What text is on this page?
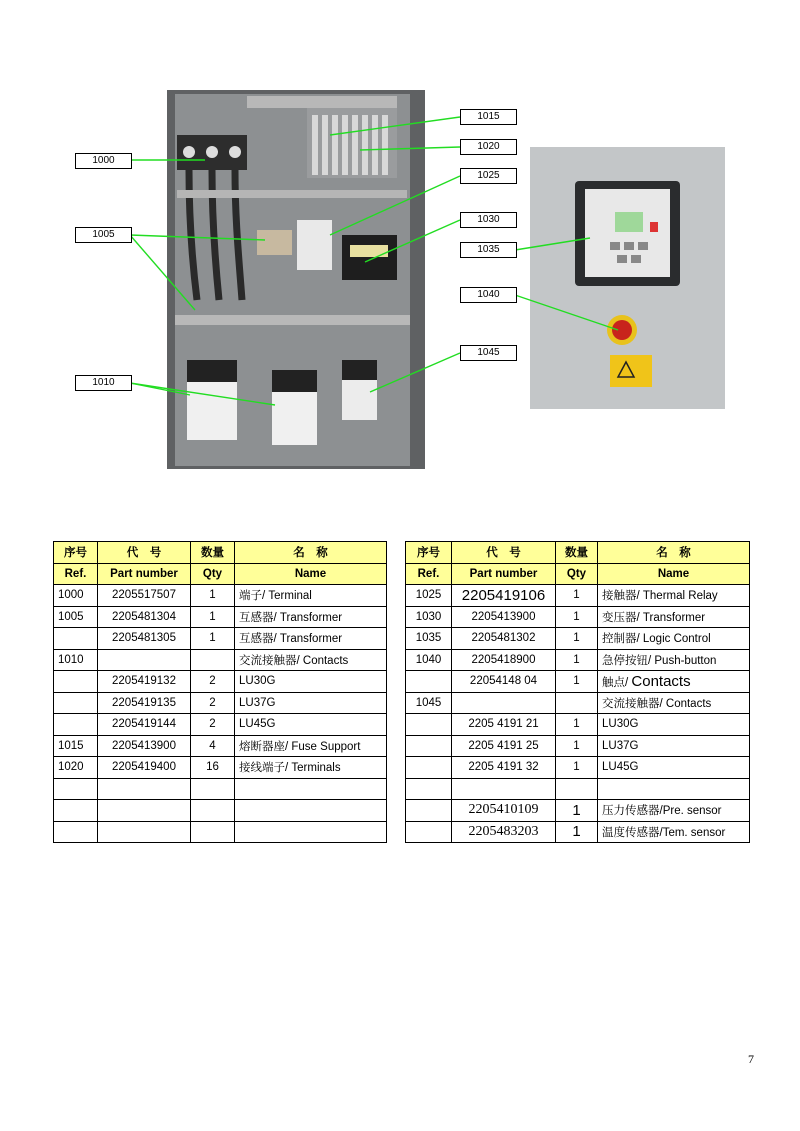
1000
1005
1010
1015
1020
1025
1030
1035
1040
1045
序号	代　号	数量	名　称
Ref.	Part number	Qty	Name
1000	2205517507	1	端子/ Terminal
1005	2205481304	1	互感器/ Transformer
	2205481305	1	互感器/ Transformer
1010			交流接触器/ Contacts
	2205419132	2	LU30G
	2205419135	2	LU37G
	2205419144	2	LU45G
1015	2205413900	4	熔断器座/ Fuse Support
1020	2205419400	16	接线端子/ Terminals

序号	代　号	数量	名　称
Ref.	Part number	Qty	Name
1025	2205419106	1	接触器/ Thermal Relay
1030	2205413900	1	变压器/ Transformer
1035	2205481302	1	控制器/ Logic Control
1040	2205418900	1	急停按钮/ Push-button
	22054148 04	1	触点/ Contacts
1045			交流接触器/ Contacts
	2205 4191 21	1	LU30G
	2205 4191 25	1	LU37G
	2205 4191 32	1	LU45G

	2205410109	1	压力传感器/Pre. sensor
	2205483203	1	温度传感器/Tem. sensor
7
